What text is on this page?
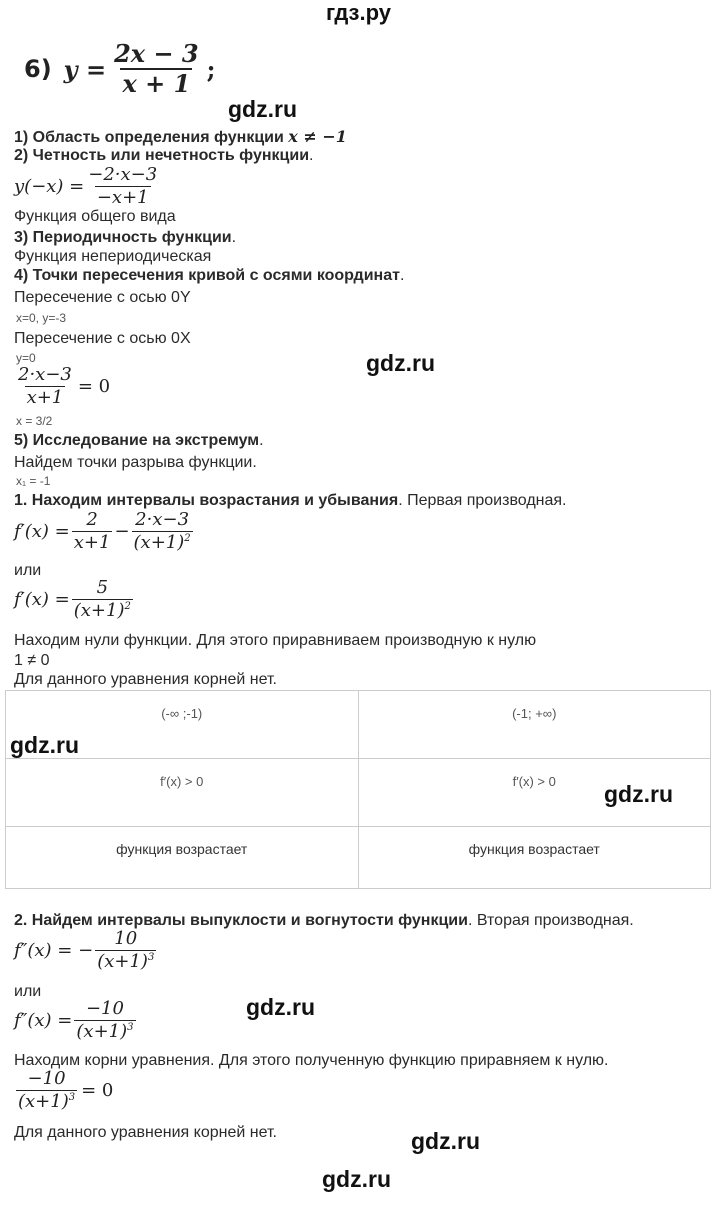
гдз.ру
6) $y = \frac{2x - 3}{x + 1}$ ;
gdz.ru
1) Область определения функции x ≠ −1
2) Четность или нечетность функции.
$y(-x) = \frac{-2\cdot x-3}{-x+1}$
Функция общего вида
3) Периодичность функции.
Функция непериодическая
4) Точки пересечения кривой с осями координат.
Пересечение с осью 0Y
x=0, y=-3
Пересечение с осью 0X
y=0	gdz.ru
$\frac{2\cdot x-3}{x+1} = 0$
x = 3/2
5) Исследование на экстремум.
Найдем точки разрыва функции.
x₁ = -1
1. Находим интервалы возрастания и убывания. Первая производная.
$f'(x) = \frac{2}{x+1} - \frac{2\cdot x-3}{(x+1)^2}$
или
$f'(x) = \frac{5}{(x+1)^2}$
Находим нули функции. Для этого приравниваем производную к нулю
1 ≠ 0
Для данного уравнения корней нет.
(-∞ ;-1)	(-1; +∞)
f′(x) > 0	f′(x) > 0
функция возрастает	функция возрастает
gdz.ru
gdz.ru
2. Найдем интервалы выпуклости и вогнутости функции. Вторая производная.
f″(x) = − $\frac{10}{(x+1)^3}$
или
gdz.ru
$f''(x) = \frac{-10}{(x+1)^3}$
Находим корни уравнения. Для этого полученную функцию приравняем к нулю.
$\frac{-10}{(x+1)^3} = 0$
Для данного уравнения корней нет.	gdz.ru
gdz.ru
